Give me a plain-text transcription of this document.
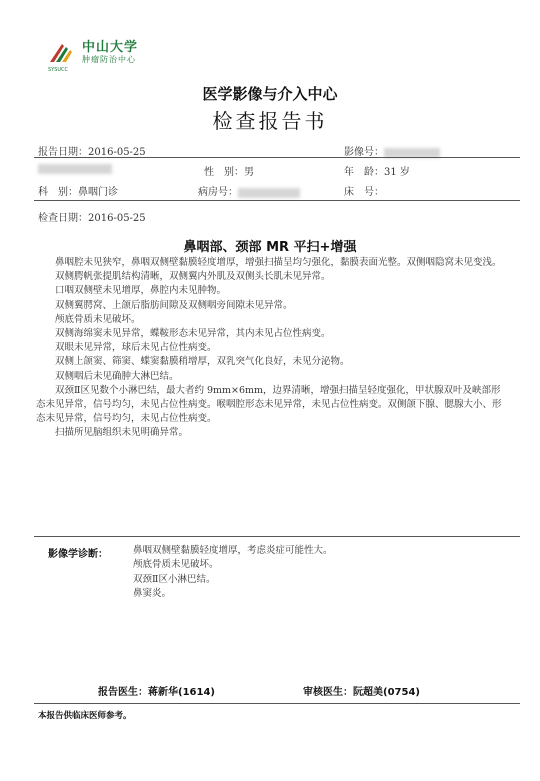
中山大学
肿瘤防治中心
SYSUCC
医学影像与介入中心
检查报告书
报告日期：2016-05-25	影像号：
性　别：男	年　龄：31 岁
科　别：鼻咽门诊	病房号：	床　号：
检查日期：2016-05-25
鼻咽部、颈部 MR 平扫+增强

鼻咽腔未见狭窄，鼻咽双侧壁黏膜轻度增厚，增强扫描呈均匀强化，黏膜表面光整。双侧咽隐窝未见变浅。

双侧腭帆张提肌结构清晰，双侧翼内外肌及双侧头长肌未见异常。

口咽双侧壁未见增厚，鼻腔内未见肿物。

双侧翼腭窝、上颌后脂肪间隙及双侧咽旁间隙未见异常。

颅底骨质未见破坏。

双侧海绵窦未见异常，蝶鞍形态未见异常，其内未见占位性病变。

双眼未见异常，球后未见占位性病变。

双侧上颌窦、筛窦、蝶窦黏膜稍增厚，双乳突气化良好，未见分泌物。

双侧咽后未见确肿大淋巴结。

双颈Ⅱ区见数个小淋巴结，最大者约 9mm×6mm，边界清晰，增强扫描呈轻度强化，甲状腺双叶及峡部形态未见异常，信号均匀，未见占位性病变。喉咽腔形态未见异常，未见占位性病变。双侧颌下腺、腮腺大小、形态未见异常，信号均匀，未见占位性病变。

扫描所见脑组织未见明确异常。

影像学诊断：	鼻咽双侧壁黏膜轻度增厚，考虑炎症可能性大。
颅底骨质未见破坏。
双颈Ⅱ区小淋巴结。
鼻窦炎。
报告医生：蒋新华(1614)	审核医生：阮超美(0754)
本报告供临床医师参考。
